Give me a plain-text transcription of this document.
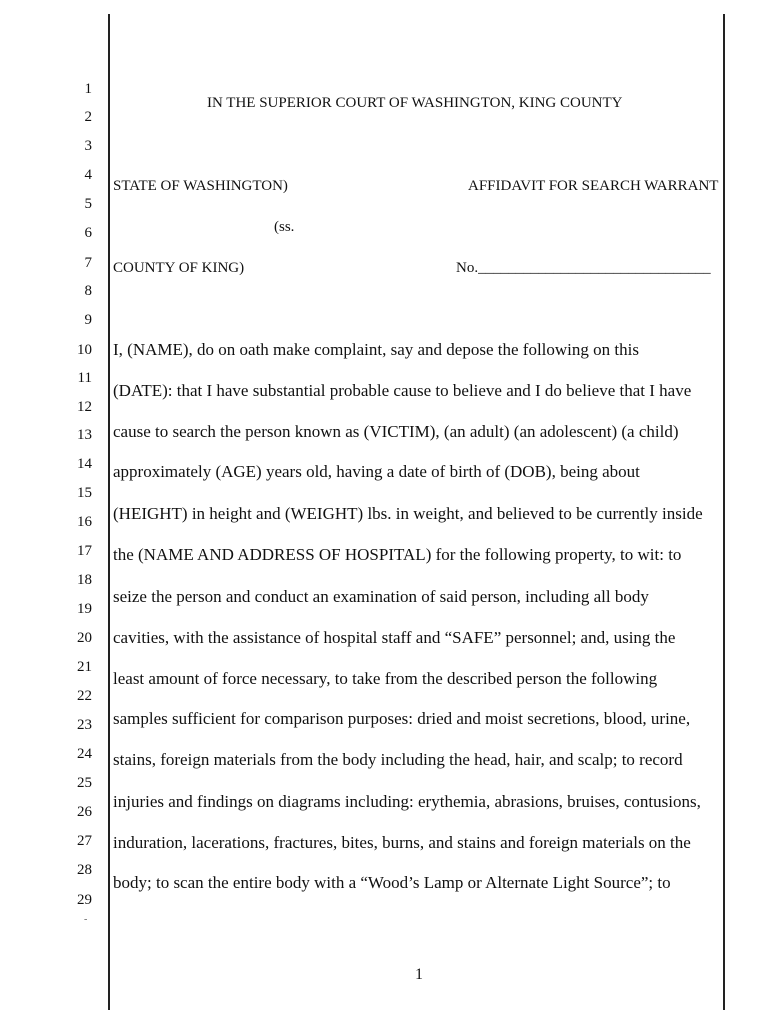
1
2
3
4
5
6
7
8
9
10
11
12
13
14
15
16
17
18
19
20
21
22
23
24
25
26
27
28
29
IN THE SUPERIOR COURT OF WASHINGTON, KING COUNTY
STATE OF WASHINGTON)	AFFIDAVIT FOR SEARCH WARRANT
(ss.
COUNTY OF KING)	No._______________________________
I, (NAME), do on oath make complaint, say and depose the following on this
(DATE): that I have substantial probable cause to believe and I do believe that I have
cause to search the person known as (VICTIM), (an adult) (an adolescent) (a child)
approximately (AGE) years old, having a date of birth of (DOB), being about
(HEIGHT) in height and (WEIGHT) lbs. in weight, and believed to be currently inside
the (NAME AND ADDRESS OF HOSPITAL) for the following property, to wit: to
seize the person and conduct an examination of said person, including all body
cavities, with the assistance of hospital staff and “SAFE” personnel; and, using the
least amount of force necessary, to take from the described person the following
samples sufficient for comparison purposes: dried and moist secretions, blood, urine,
stains, foreign materials from the body including the head, hair, and scalp; to record
injuries and findings on diagrams including: erythemia, abrasions, bruises, contusions,
induration, lacerations, fractures, bites, burns, and stains and foreign materials on the
body; to scan the entire body with a “Wood’s Lamp or Alternate Light Source”; to
-
1
